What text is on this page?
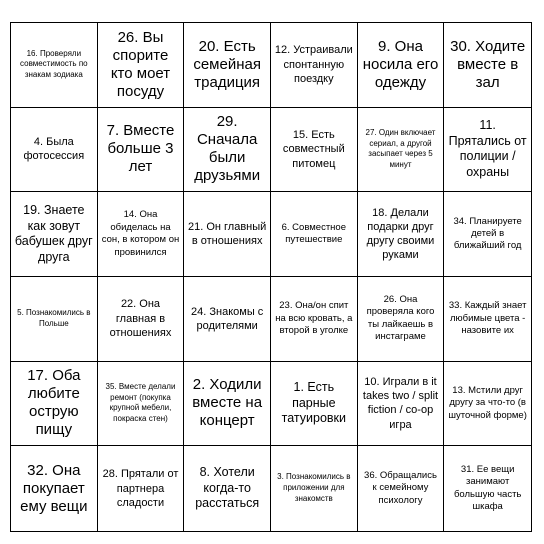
16. Проверяли совместимость по знакам зодиака
26. Вы спорите кто моет посуду
20. Есть семейная традиция
12. Устраивали спонтанную поездку
9. Она носила его одежду
30. Ходите вместе в зал
4. Была фотосессия
7. Вместе больше 3 лет
29. Сначала были друзьями
15. Есть совместный питомец
27. Один включает сериал, а другой засыпает через 5 минут
11. Прятались от полиции / охраны
19. Знаете как зовут бабушек друг друга
14. Она обиделась на сон, в котором он провинился
21. Он главный в отношениях
6. Совместное путешествие
18. Делали подарки друг другу своими руками
34. Планируете детей в ближайший год
5. Познакомились в Польше
22. Она главная в отношениях
24. Знакомы с родителями
23. Она/он спит на всю кровать, а второй в уголке
26. Она проверяла кого ты лайкаешь в инстаграме
33. Каждый знает любимые цвета - назовите их
17. Оба любите острую пищу
35. Вместе делали ремонт (покупка крупной мебели, покраска стен)
2. Ходили вместе на концерт
1. Есть парные татуировки
10. Играли в it takes two / split fiction / co-op игра
13. Мстили друг другу за что-то (в шуточной форме)
32. Она покупает ему вещи
28. Прятали от партнера сладости
8. Хотели когда-то расстаться
3. Познакомились в приложении для знакомств
36. Обращались к семейному психологу
31. Ее вещи занимают большую часть шкафа
